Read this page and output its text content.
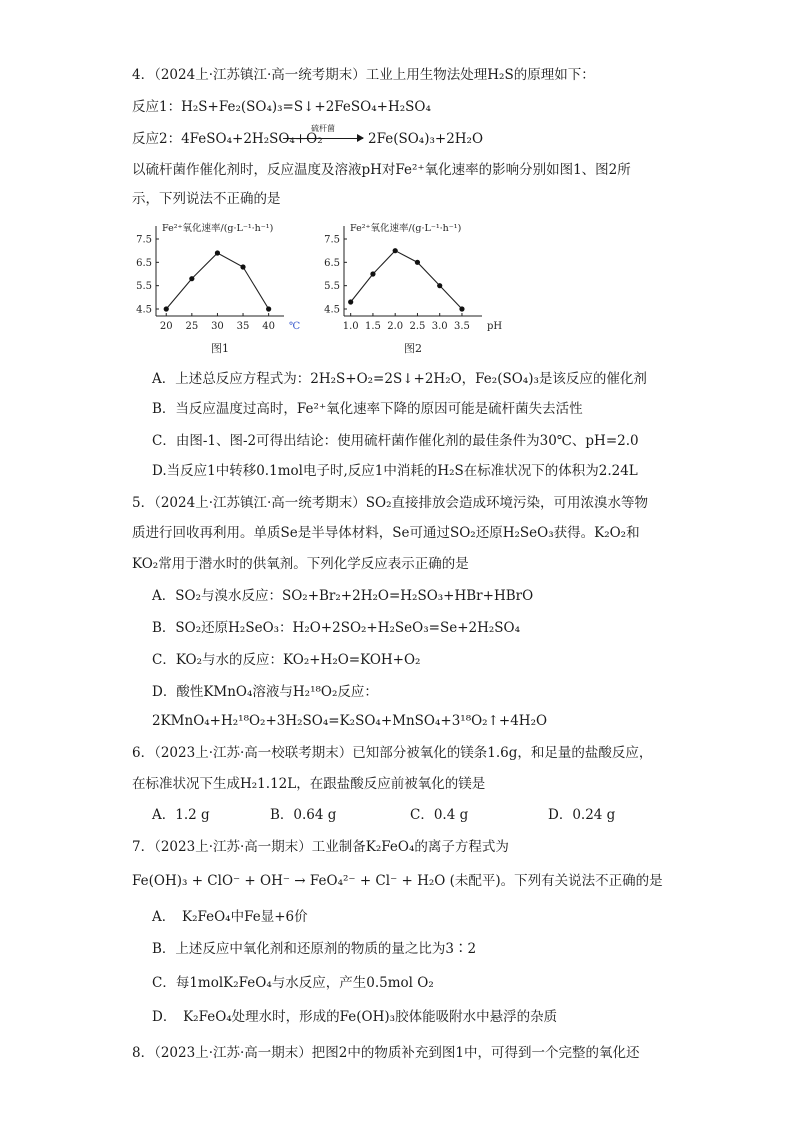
4．（2024上·江苏镇江·高一统考期末）工业上用生物法处理H₂S的原理如下：
反应1：H₂S+Fe₂(SO₄)₃=S↓+2FeSO₄+H₂SO₄
反应2：4FeSO₄+2H₂SO₄+O₂
硫杆菌
2Fe(SO₄)₃+2H₂O
以硫杆菌作催化剂时，反应温度及溶液pH对Fe²⁺氧化速率的影响分别如图1、图2所
示，下列说法不正确的是
4.5
5.5
6.5
7.5
20 25 30 35 40 ℃
Fe²⁺氧化速率/(g·L⁻¹·h⁻¹)
图1
4.5
5.5
6.5
7.5
1.0 1.5 2.0 2.5 3.0 3.5 pH
Fe²⁺氧化速率/(g·L⁻¹·h⁻¹)
图2
A．上述总反应方程式为：2H₂S+O₂=2S↓+2H₂O，Fe₂(SO₄)₃是该反应的催化剂
B．当反应温度过高时，Fe²⁺氧化速率下降的原因可能是硫杆菌失去活性
C．由图-1、图-2可得出结论：使用硫杆菌作催化剂的最佳条件为30℃、pH=2.0
D.当反应1中转移0.1mol电子时,反应1中消耗的H₂S在标准状况下的体积为2.24L
5．（2024上·江苏镇江·高一统考期末）SO₂直接排放会造成环境污染，可用浓溴水等物
质进行回收再利用。单质Se是半导体材料，Se可通过SO₂还原H₂SeO₃获得。K₂O₂和
KO₂常用于潜水时的供氧剂。下列化学反应表示正确的是
A．SO₂与溴水反应：SO₂+Br₂+2H₂O=H₂SO₃+HBr+HBrO
B．SO₂还原H₂SeO₃：H₂O+2SO₂+H₂SeO₃=Se+2H₂SO₄
C．KO₂与水的反应：KO₂+H₂O=KOH+O₂
D．酸性KMnO₄溶液与H₂¹⁸O₂反应：
2KMnO₄+H₂¹⁸O₂+3H₂SO₄=K₂SO₄+MnSO₄+3¹⁸O₂↑+4H₂O
6．（2023上·江苏·高一校联考期末）已知部分被氧化的镁条1.6g，和足量的盐酸反应，
在标准状况下生成H₂1.12L，在跟盐酸反应前被氧化的镁是
A．1.2 g	B．0.64 g	C．0.4 g	D．0.24 g
7．（2023上·江苏·高一期末）工业制备K₂FeO₄的离子方程式为
Fe(OH)₃ + ClO⁻ + OH⁻ → FeO₄²⁻ + Cl⁻ + H₂O (未配平)。下列有关说法不正确的是
A．　K₂FeO₄中Fe显+6价
B．上述反应中氧化剂和还原剂的物质的量之比为3∶2
C．每1molK₂FeO₄与水反应，产生0.5mol O₂
D．　K₂FeO₄处理水时，形成的Fe(OH)₃胶体能吸附水中悬浮的杂质
8．（2023上·江苏·高一期末）把图2中的物质补充到图1中，可得到一个完整的氧化还
